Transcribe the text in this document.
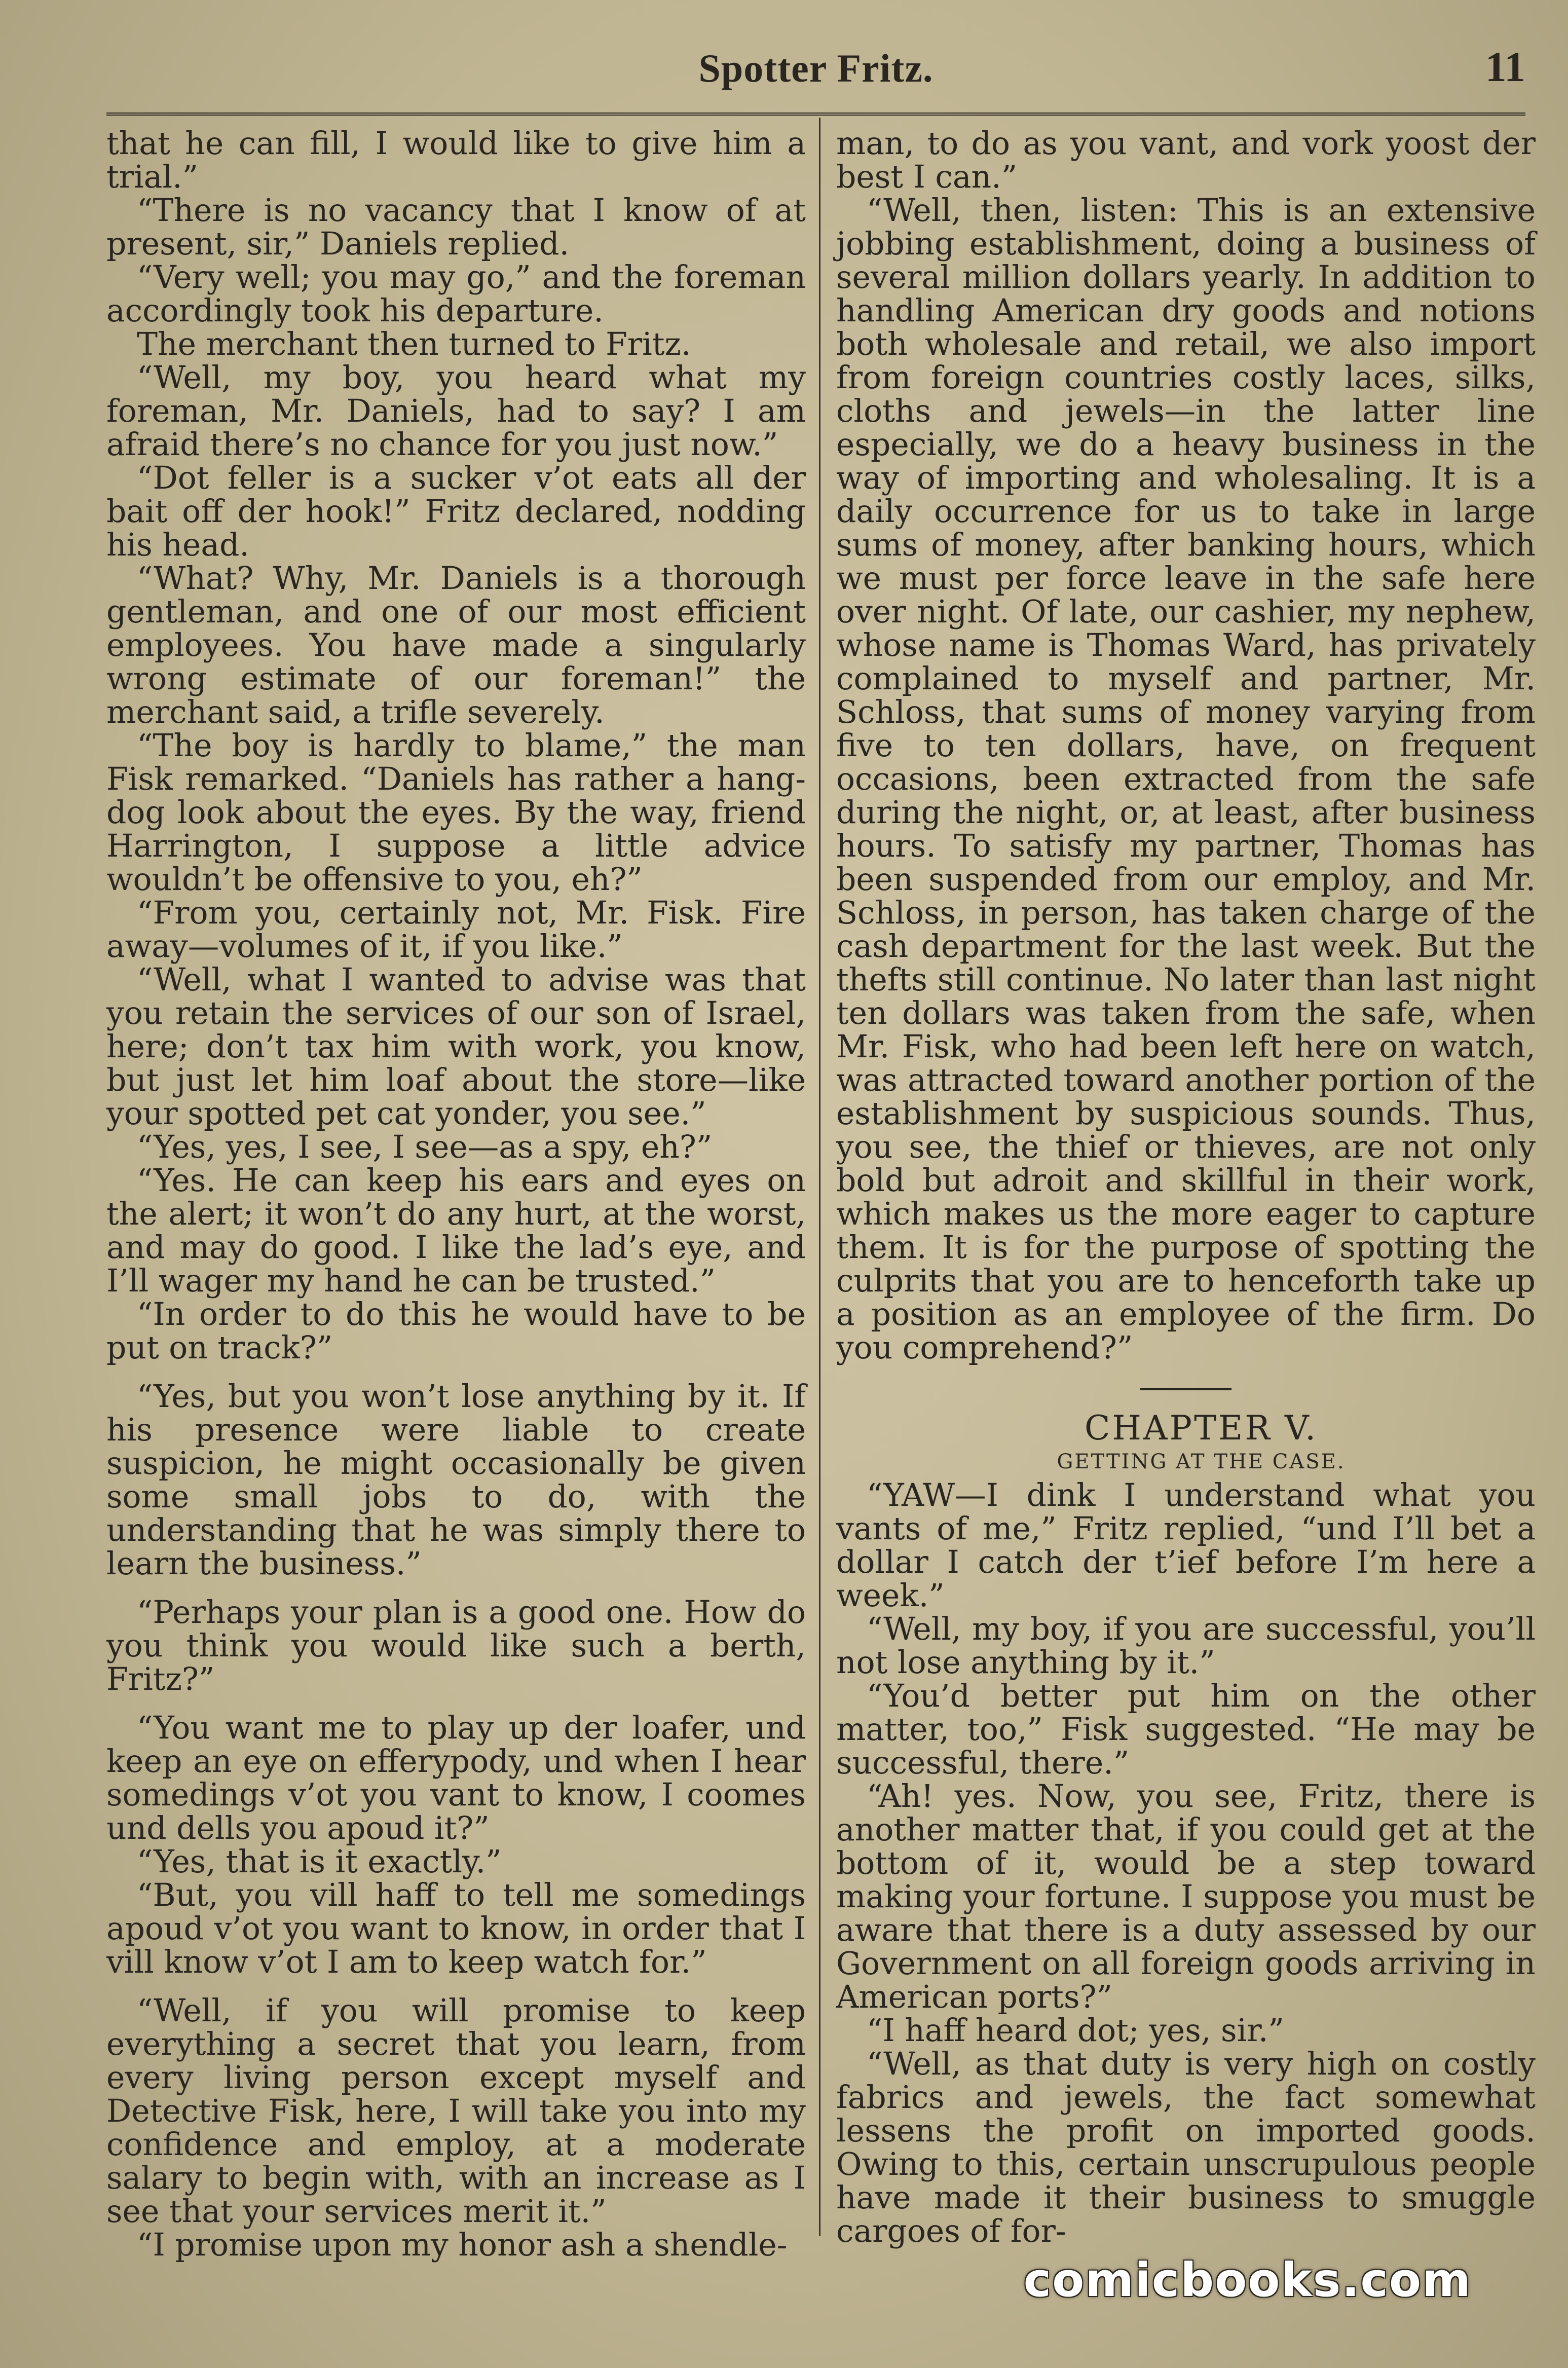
Spotter Fritz.	11

that he can fill, I would like to give him a trial.”

“There is no vacancy that I know of at present, sir,” Daniels replied.

“Very well; you may go,” and the foreman accordingly took his departure.

The merchant then turned to Fritz.

“Well, my boy, you heard what my foreman, Mr. Daniels, had to say? I am afraid there’s no chance for you just now.”

“Dot feller is a sucker v’ot eats all der bait off der hook!” Fritz declared, nodding his head.

“What? Why, Mr. Daniels is a thorough gentleman, and one of our most efficient employees. You have made a singularly wrong estimate of our foreman!” the merchant said, a trifle severely.

“The boy is hardly to blame,” the man Fisk remarked. “Daniels has rather a hang-dog look about the eyes. By the way, friend Harrington, I suppose a little advice wouldn’t be offensive to you, eh?”

“From you, certainly not, Mr. Fisk. Fire away—volumes of it, if you like.”

“Well, what I wanted to advise was that you retain the services of our son of Israel, here; don’t tax him with work, you know, but just let him loaf about the store—like your spotted pet cat yonder, you see.”

“Yes, yes, I see, I see—as a spy, eh?”

“Yes. He can keep his ears and eyes on the alert; it won’t do any hurt, at the worst, and may do good. I like the lad’s eye, and I’ll wager my hand he can be trusted.”

“In order to do this he would have to be put on track?”

“Yes, but you won’t lose anything by it. If his presence were liable to create suspicion, he might occasionally be given some small jobs to do, with the understanding that he was simply there to learn the business.”

“Perhaps your plan is a good one. How do you think you would like such a berth, Fritz?”

“You want me to play up der loafer, und keep an eye on efferypody, und when I hear somedings v’ot you vant to know, I coomes und dells you apoud it?”

“Yes, that is it exactly.”

“But, you vill haff to tell me somedings apoud v’ot you want to know, in order that I vill know v’ot I am to keep watch for.”

“Well, if you will promise to keep everything a secret that you learn, from every living person except myself and Detective Fisk, here, I will take you into my confidence and employ, at a moderate salary to begin with, with an increase as I see that your services merit it.”

“I promise upon my honor ash a shendle-

man, to do as you vant, and vork yoost der best I can.”

“Well, then, listen: This is an extensive jobbing establishment, doing a business of several million dollars yearly. In addition to handling American dry goods and notions both wholesale and retail, we also import from foreign countries costly laces, silks, cloths and jewels—in the latter line especially, we do a heavy business in the way of importing and wholesaling. It is a daily occurrence for us to take in large sums of money, after banking hours, which we must per force leave in the safe here over night. Of late, our cashier, my nephew, whose name is Thomas Ward, has privately complained to myself and partner, Mr. Schloss, that sums of money varying from five to ten dollars, have, on frequent occasions, been extracted from the safe during the night, or, at least, after business hours. To satisfy my partner, Thomas has been suspended from our employ, and Mr. Schloss, in person, has taken charge of the cash department for the last week. But the thefts still continue. No later than last night ten dollars was taken from the safe, when Mr. Fisk, who had been left here on watch, was attracted toward another portion of the establishment by suspicious sounds. Thus, you see, the thief or thieves, are not only bold but adroit and skillful in their work, which makes us the more eager to capture them. It is for the purpose of spotting the culprits that you are to henceforth take up a position as an employee of the firm. Do you comprehend?”

CHAPTER V.

GETTING AT THE CASE.

“YAW—I dink I understand what you vants of me,” Fritz replied, “und I’ll bet a dollar I catch der t’ief before I’m here a week.”

“Well, my boy, if you are successful, you’ll not lose anything by it.”

“You’d better put him on the other matter, too,” Fisk suggested. “He may be successful, there.”

“Ah! yes. Now, you see, Fritz, there is another matter that, if you could get at the bottom of it, would be a step toward making your fortune. I suppose you must be aware that there is a duty assessed by our Government on all foreign goods arriving in American ports?”

“I haff heard dot; yes, sir.”

“Well, as that duty is very high on costly fabrics and jewels, the fact somewhat lessens the profit on imported goods. Owing to this, certain unscrupulous people have made it their business to smuggle cargoes of for-

comicbooks.com
